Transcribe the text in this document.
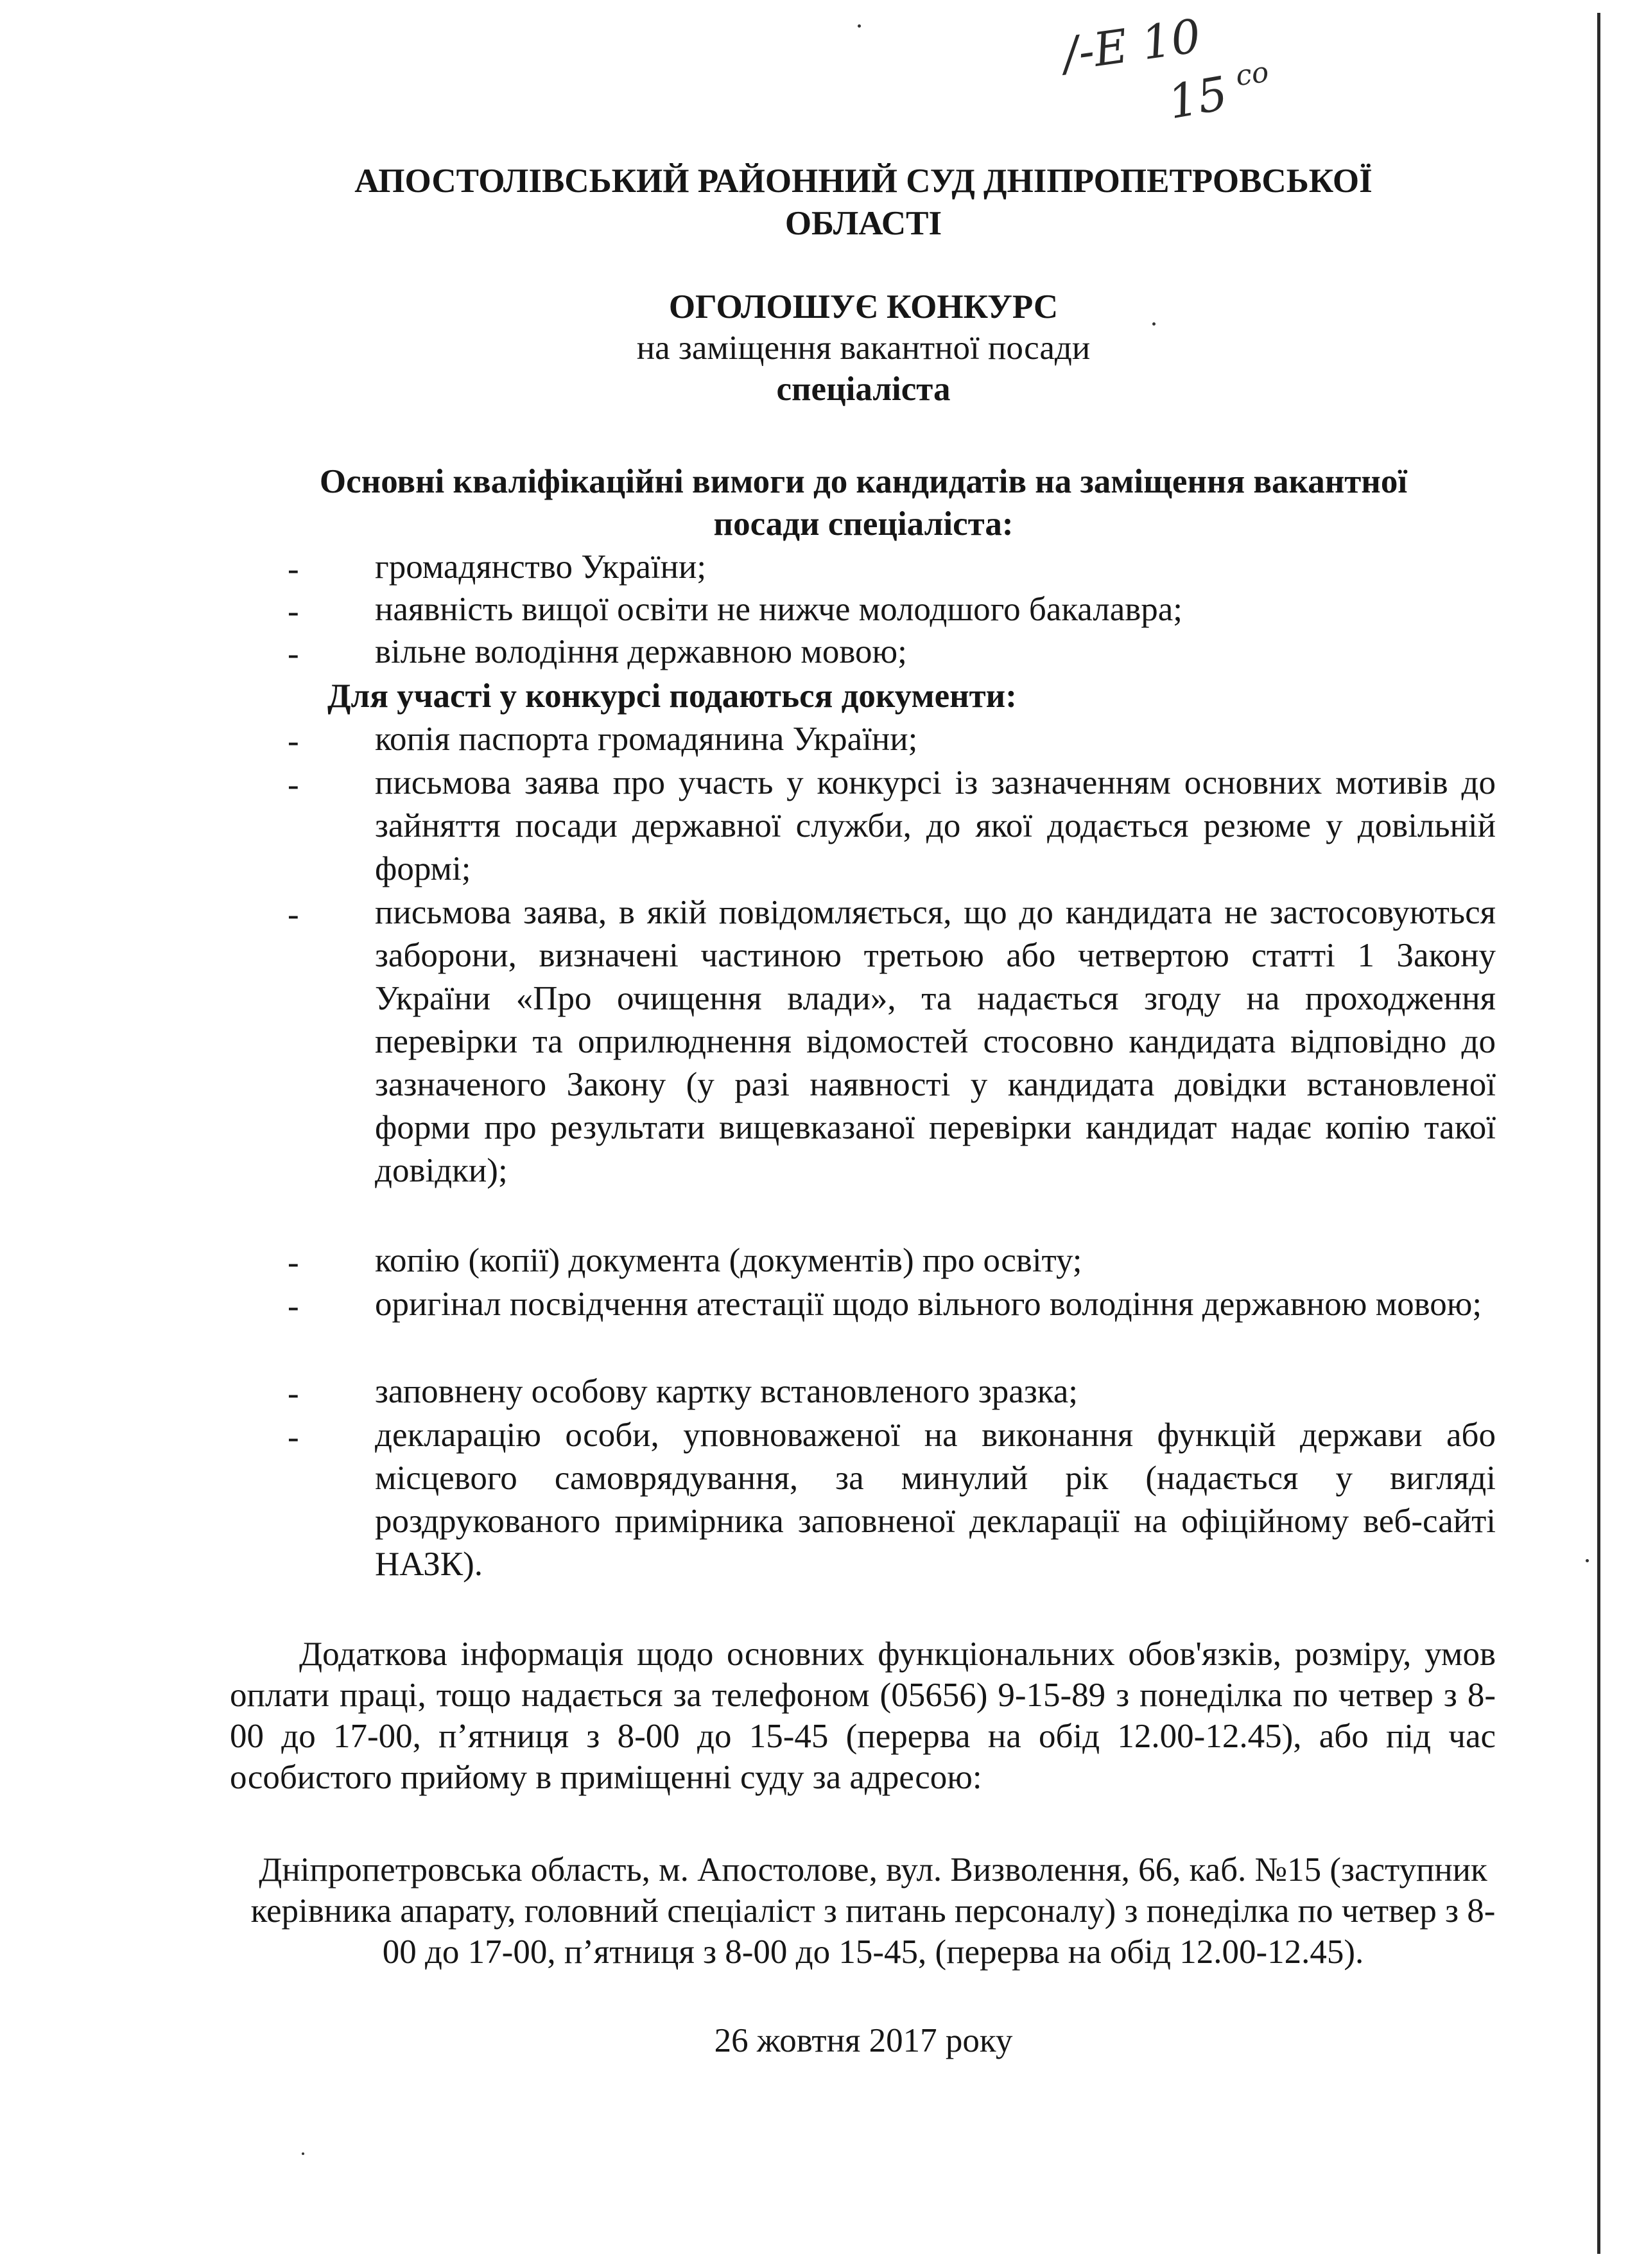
/-E 10
15 со
АПОСТОЛІВСЬКИЙ РАЙОННИЙ СУД ДНІПРОПЕТРОВСЬКОЇ
ОБЛАСТІ
ОГОЛОШУЄ КОНКУРС
на заміщення вакантної посади
спеціаліста
Основні кваліфікаційні вимоги до кандидатів на заміщення вакантної
посади спеціаліста:
- громадянство України;
- наявність вищої освіти не нижче молодшого бакалавра;
- вільне володіння державною мовою;
Для участі у конкурсі подаються документи:
- копія паспорта громадянина України;
- письмова заява про участь у конкурсі із зазначенням основних мотивів до зайняття посади державної служби, до якої додається резюме у довільній формі;
- письмова заява, в якій повідомляється, що до кандидата не застосовуються заборони, визначені частиною третьою або четвертою статті 1 Закону України «Про очищення влади», та надається згоду на проходження перевірки та оприлюднення відомостей стосовно кандидата відповідно до зазначеного Закону (у разі наявності у кандидата довідки встановленої форми про результати вищевказаної перевірки кандидат надає копію такої довідки);
- копію (копії) документа (документів) про освіту;
- оригінал посвідчення атестації щодо вільного володіння державною мовою;
- заповнену особову картку встановленого зразка;
- декларацію особи, уповноваженої на виконання функцій держави або місцевого самоврядування, за минулий рік (надається у вигляді роздрукованого примірника заповненої декларації на офіційному веб-сайті НАЗК).
Додаткова інформація щодо основних функціональних обов'язків, розміру, умов оплати праці, тощо надається за телефоном (05656) 9-15-89 з понеділка по четвер з 8-00 до 17-00, п’ятниця з 8-00 до 15-45 (перерва на обід 12.00-12.45), або під час особистого прийому в приміщенні суду за адресою:
Дніпропетровська область, м. Апостолове, вул. Визволення, 66, каб. №15 (заступник керівника апарату, головний спеціаліст з питань персоналу) з понеділка по четвер з 8-00 до 17-00, п’ятниця з 8-00 до 15-45, (перерва на обід 12.00-12.45).
26 жовтня 2017 року
